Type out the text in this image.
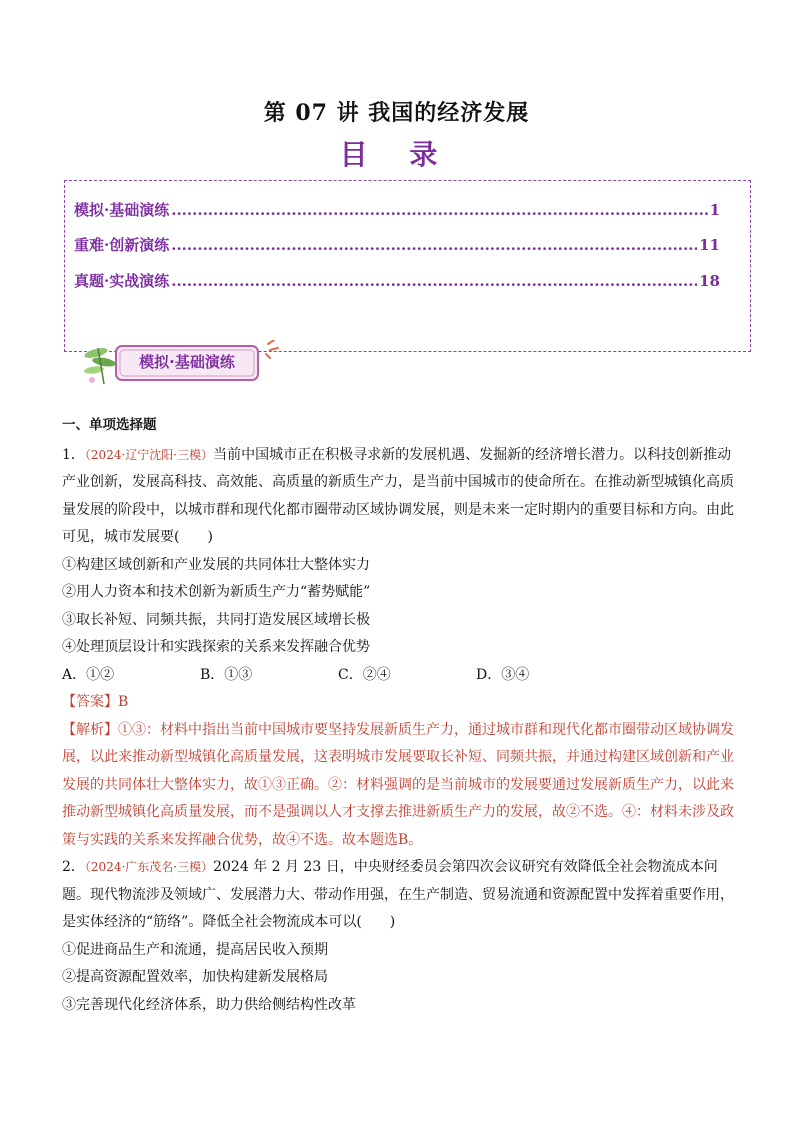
第 07 讲 我国的经济发展
目 录
模拟·基础演练 .....	1
重难·创新演练 .....	11
真题·实战演练 .....	18
模拟·基础演练

一、单项选择题

1．（2024·辽宁沈阳·三模）当前中国城市正在积极寻求新的发展机遇、发掘新的经济增长潜力。以科技创新推动产业创新，发展高科技、高效能、高质量的新质生产力，是当前中国城市的使命所在。在推动新型城镇化高质量发展的阶段中，以城市群和现代化都市圈带动区域协调发展，则是未来一定时期内的重要目标和方向。由此可见，城市发展要(　　)

①构建区域创新和产业发展的共同体壮大整体实力

②用人力资本和技术创新为新质生产力“蓄势赋能”

③取长补短、同频共振，共同打造发展区域增长极

④处理顶层设计和实践探索的关系来发挥融合优势

A．①②	B．①③	C．②④	D．③④

【答案】B

【解析】①③：材料中指出当前中国城市要坚持发展新质生产力，通过城市群和现代化都市圈带动区域协调发展，以此来推动新型城镇化高质量发展，这表明城市发展要取长补短、同频共振，并通过构建区域创新和产业发展的共同体壮大整体实力，故①③正确。②：材料强调的是当前城市的发展要通过发展新质生产力，以此来推动新型城镇化高质量发展，而不是强调以人才支撑去推进新质生产力的发展，故②不选。④：材料未涉及政策与实践的关系来发挥融合优势，故④不选。故本题选B。

2．（2024·广东茂名·三模）2024 年 2 月 23 日，中央财经委员会第四次会议研究有效降低全社会物流成本问题。现代物流涉及领域广、发展潜力大、带动作用强，在生产制造、贸易流通和资源配置中发挥着重要作用，是实体经济的“筋络”。降低全社会物流成本可以(　　)

①促进商品生产和流通，提高居民收入预期

②提高资源配置效率，加快构建新发展格局

③完善现代化经济体系，助力供给侧结构性改革
